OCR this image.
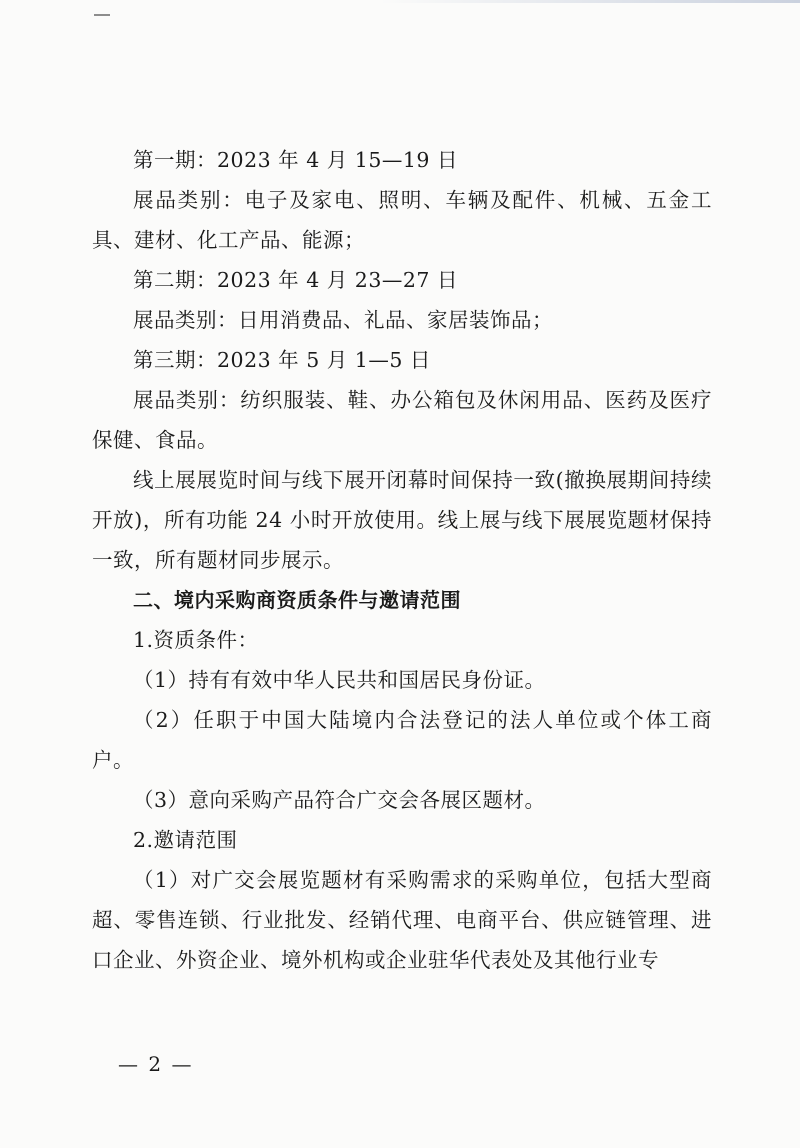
第一期：2023 年 4 月 15—19 日

展品类别：电子及家电、照明、车辆及配件、机械、五金工具、建材、化工产品、能源；

第二期：2023 年 4 月 23—27 日

展品类别：日用消费品、礼品、家居装饰品；

第三期：2023 年 5 月 1—5 日

展品类别：纺织服装、鞋、办公箱包及休闲用品、医药及医疗保健、食品。

线上展展览时间与线下展开闭幕时间保持一致(撤换展期间持续开放)，所有功能 24 小时开放使用。线上展与线下展展览题材保持一致，所有题材同步展示。

二、境内采购商资质条件与邀请范围

1.资质条件：

（1）持有有效中华人民共和国居民身份证。

（2）任职于中国大陆境内合法登记的法人单位或个体工商户。

（3）意向采购产品符合广交会各展区题材。

2.邀请范围

（1）对广交会展览题材有采购需求的采购单位，包括大型商超、零售连锁、行业批发、经销代理、电商平台、供应链管理、进口企业、外资企业、境外机构或企业驻华代表处及其他行业专

— 2 —
